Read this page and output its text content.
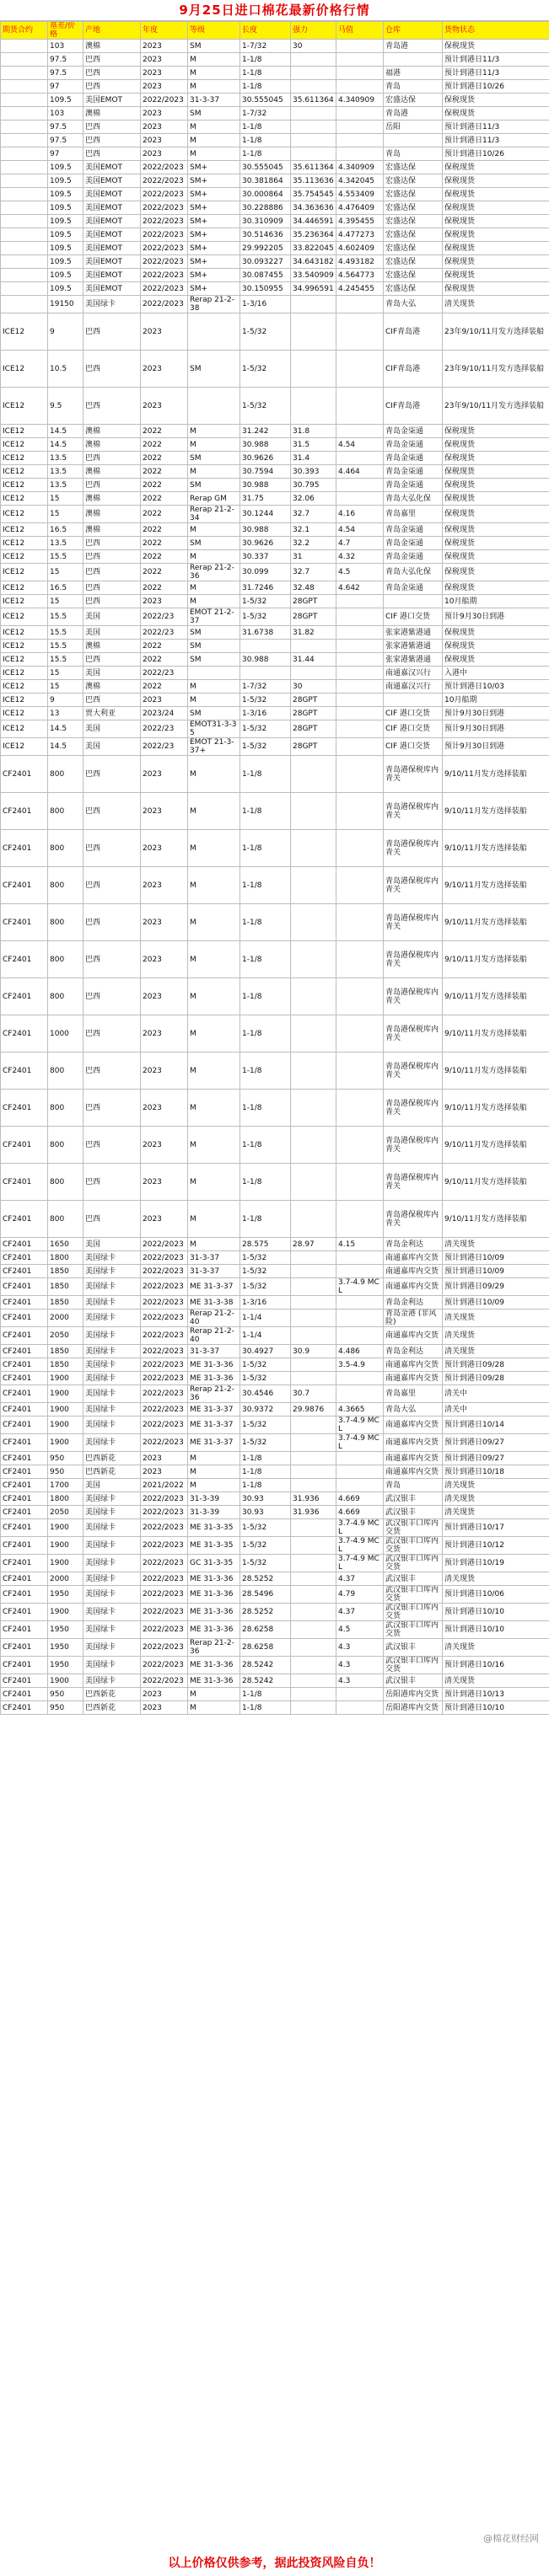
9月25日进口棉花最新价格行情
期货合约	基差/价格	产地	年度	等级	长度	强力	马值	仓库	货物状态
	103	澳棉	2023	SM	1-7/32	30		青岛港	保税现货
	97.5	巴西	2023	M	1-1/8				预计到港日11/3
	97.5	巴西	2023	M	1-1/8			福港	预计到港日11/3
	97	巴西	2023	M	1-1/8			青岛	预计到港日10/26
	109.5	美国EMOT	2022/2023	31-3-37	30.555045	35.611364	4.340909	宏盛达保	保税现货
	103	澳棉	2023	SM	1-7/32			青岛港	保税现货
	97.5	巴西	2023	M	1-1/8			岳阳	预计到港日11/3
	97.5	巴西	2023	M	1-1/8				预计到港日11/3
	97	巴西	2023	M	1-1/8			青岛	预计到港日10/26
	109.5	美国EMOT	2022/2023	SM+	30.555045	35.611364	4.340909	宏盛达保	保税现货
	109.5	美国EMOT	2022/2023	SM+	30.381864	35.113636	4.342045	宏盛达保	保税现货
	109.5	美国EMOT	2022/2023	SM+	30.000864	35.754545	4.553409	宏盛达保	保税现货
	109.5	美国EMOT	2022/2023	SM+	30.228886	34.363636	4.476409	宏盛达保	保税现货
	109.5	美国EMOT	2022/2023	SM+	30.310909	34.446591	4.395455	宏盛达保	保税现货
	109.5	美国EMOT	2022/2023	SM+	30.514636	35.236364	4.477273	宏盛达保	保税现货
	109.5	美国EMOT	2022/2023	SM+	29.992205	33.822045	4.602409	宏盛达保	保税现货
	109.5	美国EMOT	2022/2023	SM+	30.093227	34.643182	4.493182	宏盛达保	保税现货
	109.5	美国EMOT	2022/2023	SM+	30.087455	33.540909	4.564773	宏盛达保	保税现货
	109.5	美国EMOT	2022/2023	SM+	30.150955	34.996591	4.245455	宏盛达保	保税现货
	19150	美国绿卡	2022/2023	Rerap 21-2-38	1-3/16			青岛大弘	清关现货
ICE12	9	巴西	2023		1-5/32			CIF青岛港	23年9/10/11月发方选择装船
ICE12	10.5	巴西	2023	SM	1-5/32			CIF青岛港	23年9/10/11月发方选择装船
ICE12	9.5	巴西	2023		1-5/32			CIF青岛港	23年9/10/11月发方选择装船
ICE12	14.5	澳棉	2022	M	31.242	31.8		青岛金柒通	保税现货
ICE12	14.5	澳棉	2022	M	30.988	31.5	4.54	青岛金柒通	保税现货
ICE12	13.5	巴西	2022	SM	30.9626	31.4		青岛金柒通	保税现货
ICE12	13.5	澳棉	2022	M	30.7594	30.393	4.464	青岛金柒通	保税现货
ICE12	13.5	巴西	2022	SM	30.988	30.795		青岛金柒通	保税现货
ICE12	15	澳棉	2022	Rerap GM	31.75	32.06		青岛大弘化保	保税现货
ICE12	15	澳棉	2022	Rerap 21-2-34	30.1244	32.7	4.16	青岛嘉里	保税现货
ICE12	16.5	澳棉	2022	M	30.988	32.1	4.54	青岛金柒通	保税现货
ICE12	13.5	巴西	2022	SM	30.9626	32.2	4.7	青岛金柒通	保税现货
ICE12	15.5	巴西	2022	M	30.337	31	4.32	青岛金柒通	保税现货
ICE12	15	巴西	2022	Rerap 21-2-36	30.099	32.7	4.5	青岛大弘化保	保税现货
ICE12	16.5	巴西	2022	M	31.7246	32.48	4.642	青岛金柒通	保税现货
ICE12	15	巴西	2023	M	1-5/32	28GPT			10月船期
ICE12	15.5	美国	2022/23	EMOT 21-2-37	1-5/32	28GPT		CIF 港口交货	预计9月30日到港
ICE12	15.5	美国	2022/23	SM	31.6738	31.82		张家港紫港通	保税现货
ICE12	15.5	澳棉	2022	SM				张家港紫港通	保税现货
ICE12	15.5	巴西	2022	SM	30.988	31.44		张家港紫港通	保税现货
ICE12	15	美国	2022/23					南通嘉汉兴行	入港中
ICE12	15	澳棉	2022	M	1-7/32	30		南通嘉汉兴行	预计到港日10/03
ICE12	9	巴西	2023	M	1-5/32	28GPT			10月船期
ICE12	13	贾大利亚	2023/24	SM	1-3/16	28GPT		CIF 港口交货	预计9月30日到港
ICE12	14.5	美国	2022/23	EMOT31-3-35	1-5/32	28GPT		CIF 港口交货	预计9月30日到港
ICE12	14.5	美国	2022/23	EMOT 21-3-37+	1-5/32	28GPT		CIF 港口交货	预计9月30日到港
CF2401	800	巴西	2023	M	1-1/8			青岛港保税库内青关	9/10/11月发方选择装船
CF2401	800	巴西	2023	M	1-1/8			青岛港保税库内青关	9/10/11月发方选择装船
CF2401	800	巴西	2023	M	1-1/8			青岛港保税库内青关	9/10/11月发方选择装船
CF2401	800	巴西	2023	M	1-1/8			青岛港保税库内青关	9/10/11月发方选择装船
CF2401	800	巴西	2023	M	1-1/8			青岛港保税库内青关	9/10/11月发方选择装船
CF2401	800	巴西	2023	M	1-1/8			青岛港保税库内青关	9/10/11月发方选择装船
CF2401	800	巴西	2023	M	1-1/8			青岛港保税库内青关	9/10/11月发方选择装船
CF2401	1000	巴西	2023	M	1-1/8			青岛港保税库内青关	9/10/11月发方选择装船
CF2401	800	巴西	2023	M	1-1/8			青岛港保税库内青关	9/10/11月发方选择装船
CF2401	800	巴西	2023	M	1-1/8			青岛港保税库内青关	9/10/11月发方选择装船
CF2401	800	巴西	2023	M	1-1/8			青岛港保税库内青关	9/10/11月发方选择装船
CF2401	800	巴西	2023	M	1-1/8			青岛港保税库内青关	9/10/11月发方选择装船
CF2401	800	巴西	2023	M	1-1/8			青岛港保税库内青关	9/10/11月发方选择装船
CF2401	1650	美国	2022/2023	M	28.575	28.97	4.15	青岛金利达	清关现货
CF2401	1800	美国绿卡	2022/2023	31-3-37	1-5/32			南通嘉库内交货	预计到港日10/09
CF2401	1850	美国绿卡	2022/2023	31-3-37	1-5/32			南通嘉库内交货	预计到港日10/09
CF2401	1850	美国绿卡	2022/2023	ME 31-3-37	1-5/32		3.7-4.9 MCL	南通嘉库内交货	预计到港日09/29
CF2401	1850	美国绿卡	2022/2023	ME 31-3-38	1-3/16			青岛金利达	预计到港日10/09
CF2401	2000	美国绿卡	2022/2023	Rerap 21-2-40	1-1/4			青岛金港 (非风险)	清关现货
CF2401	2050	美国绿卡	2022/2023	Rerap 21-2-40	1-1/4			南通嘉库内交货	清关现货
CF2401	1850	美国绿卡	2022/2023	31-3-37	30.4927	30.9	4.486	青岛金利达	清关现货
CF2401	1850	美国绿卡	2022/2023	ME 31-3-36	1-5/32		3.5-4.9	南通嘉库内交货	预计到港日09/28
CF2401	1900	美国绿卡	2022/2023	ME 31-3-36	1-5/32			南通嘉库内交货	预计到港日09/28
CF2401	1900	美国绿卡	2022/2023	Rerap 21-2-36	30.4546	30.7		青岛嘉里	清关中
CF2401	1900	美国绿卡	2022/2023	ME 31-3-37	30.9372	29.9876	4.3665	青岛大弘	清关中
CF2401	1900	美国绿卡	2022/2023	ME 31-3-37	1-5/32		3.7-4.9 MCL	南通嘉库内交货	预计到港日10/14
CF2401	1900	美国绿卡	2022/2023	ME 31-3-37	1-5/32		3.7-4.9 MCL	南通嘉库内交货	预计到港日09/27
CF2401	950	巴西新花	2023	M	1-1/8			南通嘉库内交货	预计到港日09/27
CF2401	950	巴西新花	2023	M	1-1/8			南通嘉库内交货	预计到港日10/18
CF2401	1700	美国	2021/2022	M	1-1/8			青岛	清关现货
CF2401	1800	美国绿卡	2022/2023	31-3-39	30.93	31.936	4.669	武汉银丰	清关现货
CF2401	2050	美国绿卡	2022/2023	31-3-39	30.93	31.936	4.669	武汉银丰	清关现货
CF2401	1900	美国绿卡	2022/2023	ME 31-3-35	1-5/32		3.7-4.9 MCL	武汉银丰口库内交货	预计到港日10/17
CF2401	1900	美国绿卡	2022/2023	ME 31-3-35	1-5/32		3.7-4.9 MCL	武汉银丰口库内交货	预计到港日10/12
CF2401	1900	美国绿卡	2022/2023	GC 31-3-35	1-5/32		3.7-4.9 MCL	武汉银丰口库内交货	预计到港日10/19
CF2401	2000	美国绿卡	2022/2023	ME 31-3-36	28.5252		4.37	武汉银丰	清关现货
CF2401	1950	美国绿卡	2022/2023	ME 31-3-36	28.5496		4.79	武汉银丰口库内交货	预计到港日10/06
CF2401	1900	美国绿卡	2022/2023	ME 31-3-36	28.5252		4.37	武汉银丰口库内交货	预计到港日10/10
CF2401	1950	美国绿卡	2022/2023	ME 31-3-36	28.6258		4.5	武汉银丰口库内交货	预计到港日10/10
CF2401	1950	美国绿卡	2022/2023	Rerap 21-2-36	28.6258		4.3	武汉银丰	清关现货
CF2401	1950	美国绿卡	2022/2023	ME 31-3-36	28.5242		4.3	武汉银丰口库内交货	预计到港日10/16
CF2401	1900	美国绿卡	2022/2023	ME 31-3-36	28.5242		4.3	武汉银丰	清关现货
CF2401	950	巴西新花	2023	M	1-1/8			岳阳港库内交货	预计到港日10/13
CF2401	950	巴西新花	2023	M	1-1/8			岳阳港库内交货	预计到港日10/10
@棉花财经网
以上价格仅供参考，据此投资风险自负！
